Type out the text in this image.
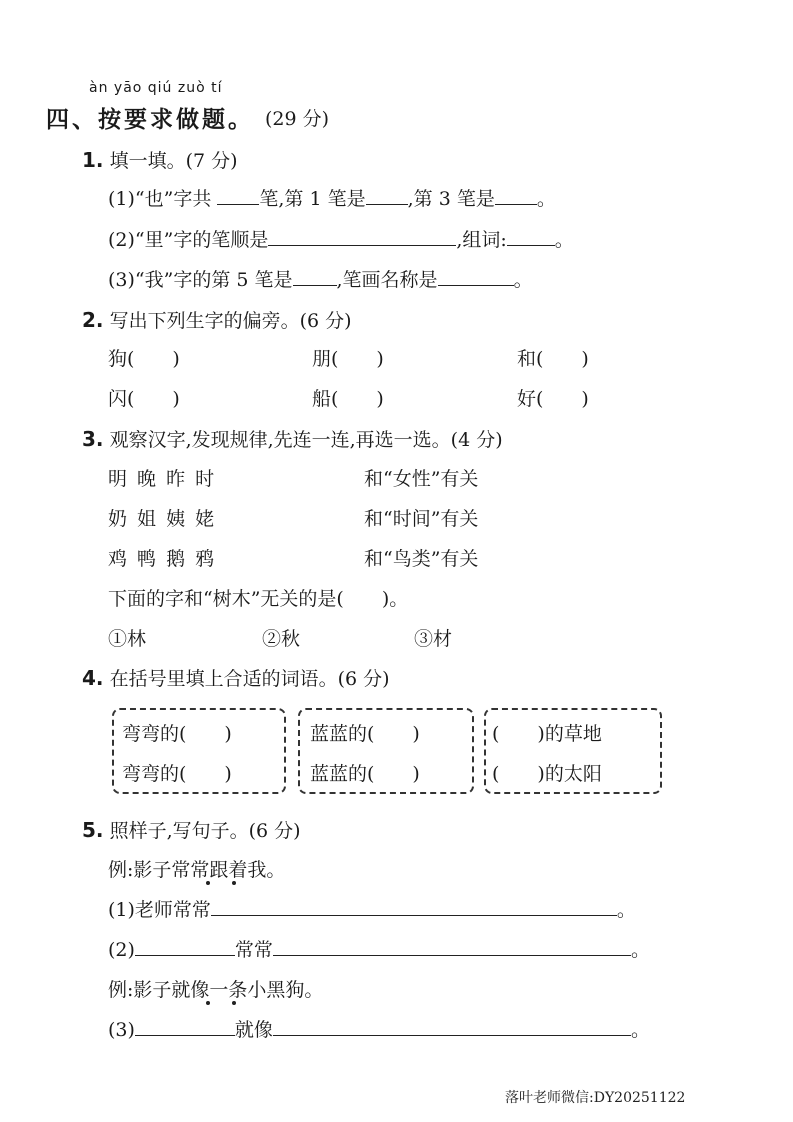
àn yāo qiú zuò tí
四、按要求做题。 (29 分)
1. 填一填。(7 分)
(1)“也”字共	笔,第 1 笔是 ,第 3 笔是 。
(2)“里”字的笔顺是	,组词:	。
(3)“我”字的第 5 笔是 ,笔画名称是	。
2. 写出下列生字的偏旁。(6 分)
狗(　　)	朋(　　)	和(　　)
闪(　　)	船(　　)	好(　　)
3. 观察汉字,发现规律,先连一连,再选一选。(4 分)
明 晚 昨 时
奶 姐 姨 姥
鸡 鸭 鹅 鸦
和“女性”有关
和“时间”有关
和“鸟类”有关
下面的字和“树木”无关的是(　　)。
①林	②秋	③材
4. 在括号里填上合适的词语。(6 分)
弯弯的(　　)
弯弯的(　　)
蓝蓝的(　　)
蓝蓝的(　　)
(　　)的草地
(　　)的太阳
5. 照样子,写句子。(6 分)
例:影子常常跟着我。
(1)老师常常	。
(2)	常常	。
例:影子就像一条小黑狗。
(3)	就像	。
落叶老师微信:DY20251122
